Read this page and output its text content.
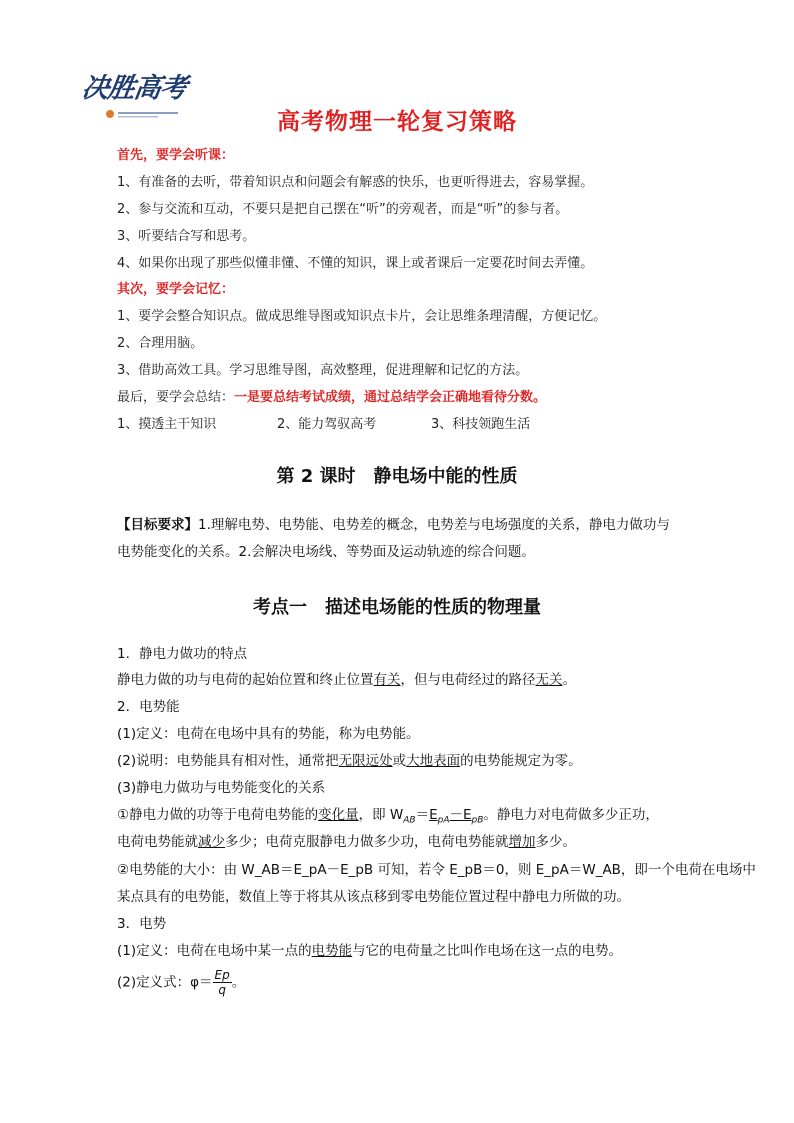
决胜高考
高考物理一轮复习策略
首先，要学会听课：
1、有准备的去听，带着知识点和问题会有解惑的快乐，也更听得进去，容易掌握。
2、参与交流和互动，不要只是把自己摆在“听”的旁观者，而是“听”的参与者。
3、听要结合写和思考。
4、如果你出现了那些似懂非懂、不懂的知识，课上或者课后一定要花时间去弄懂。
其次，要学会记忆：
1、要学会整合知识点。做成思维导图或知识点卡片，会让思维条理清醒，方便记忆。
2、合理用脑。
3、借助高效工具。学习思维导图，高效整理，促进理解和记忆的方法。
最后，要学会总结：一是要总结考试成绩，通过总结学会正确地看待分数。
1、摸透主干知识	2、能力驾驭高考	3、科技领跑生活
第 2 课时　静电场中能的性质
【目标要求】1.理解电势、电势能、电势差的概念，电势差与电场强度的关系，静电力做功与
电势能变化的关系。2.会解决电场线、等势面及运动轨迹的综合问题。
考点一　描述电场能的性质的物理量
1．静电力做功的特点
静电力做的功与电荷的起始位置和终止位置有关，但与电荷经过的路径无关。
2．电势能
(1)定义：电荷在电场中具有的势能，称为电势能。
(2)说明：电势能具有相对性，通常把无限远处或大地表面的电势能规定为零。
(3)静电力做功与电势能变化的关系
①静电力做的功等于电荷电势能的变化量，即 $W_{AB}=E_{pA}-E_{pB}$。静电力对电荷做多少正功，
电荷电势能就减少多少；电荷克服静电力做多少功，电荷电势能就增加多少。
②电势能的大小：由 W_AB＝E_pA－E_pB 可知，若令 E_pB＝0，则 E_pA＝W_AB，即一个电荷在电场中
某点具有的电势能，数值上等于将其从该点移到零电势能位置过程中静电力所做的功。
3．电势
(1)定义：电荷在电场中某一点的电势能与它的电荷量之比叫作电场在这一点的电势。
(2)定义式：$\varphi= \frac{Ep}{q}$ 。
